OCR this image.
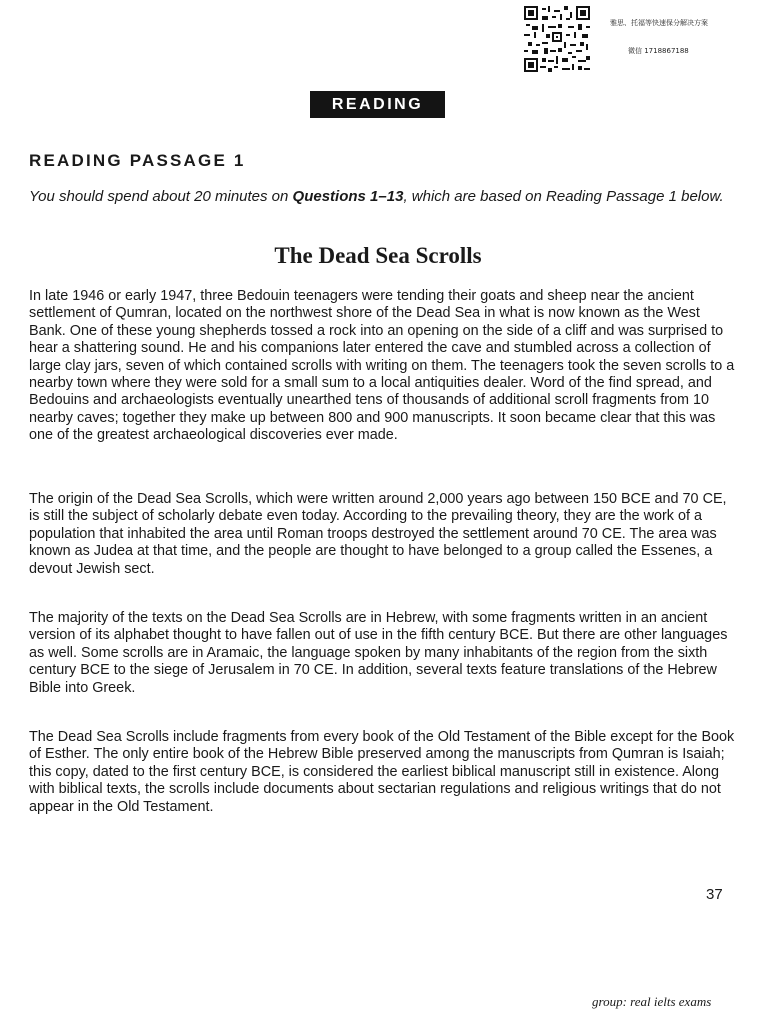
雅思、托福等快速保分解决方案
微信 1718867188
READING
READING PASSAGE 1
You should spend about 20 minutes on Questions 1–13, which are based on Reading Passage 1 below.
The Dead Sea Scrolls

In late 1946 or early 1947, three Bedouin teenagers were tending their goats and sheep near the ancient settlement of Qumran, located on the northwest shore of the Dead Sea in what is now known as the West Bank. One of these young shepherds tossed a rock into an opening on the side of a cliff and was surprised to hear a shattering sound. He and his companions later entered the cave and stumbled across a collection of large clay jars, seven of which contained scrolls with writing on them. The teenagers took the seven scrolls to a nearby town where they were sold for a small sum to a local antiquities dealer. Word of the find spread, and Bedouins and archaeologists eventually unearthed tens of thousands of additional scroll fragments from 10 nearby caves; together they make up between 800 and 900 manuscripts. It soon became clear that this was one of the greatest archaeological discoveries ever made.

The origin of the Dead Sea Scrolls, which were written around 2,000 years ago between 150 BCE and 70 CE, is still the subject of scholarly debate even today. According to the prevailing theory, they are the work of a population that inhabited the area until Roman troops destroyed the settlement around 70 CE. The area was known as Judea at that time, and the people are thought to have belonged to a group called the Essenes, a devout Jewish sect.

The majority of the texts on the Dead Sea Scrolls are in Hebrew, with some fragments written in an ancient version of its alphabet thought to have fallen out of use in the fifth century BCE. But there are other languages as well. Some scrolls are in Aramaic, the language spoken by many inhabitants of the region from the sixth century BCE to the siege of Jerusalem in 70 CE. In addition, several texts feature translations of the Hebrew Bible into Greek.

The Dead Sea Scrolls include fragments from every book of the Old Testament of the Bible except for the Book of Esther. The only entire book of the Hebrew Bible preserved among the manuscripts from Qumran is Isaiah; this copy, dated to the first century BCE, is considered the earliest biblical manuscript still in existence. Along with biblical texts, the scrolls include documents about sectarian regulations and religious writings that do not appear in the Old Testament.

37
group: real ielts exams
